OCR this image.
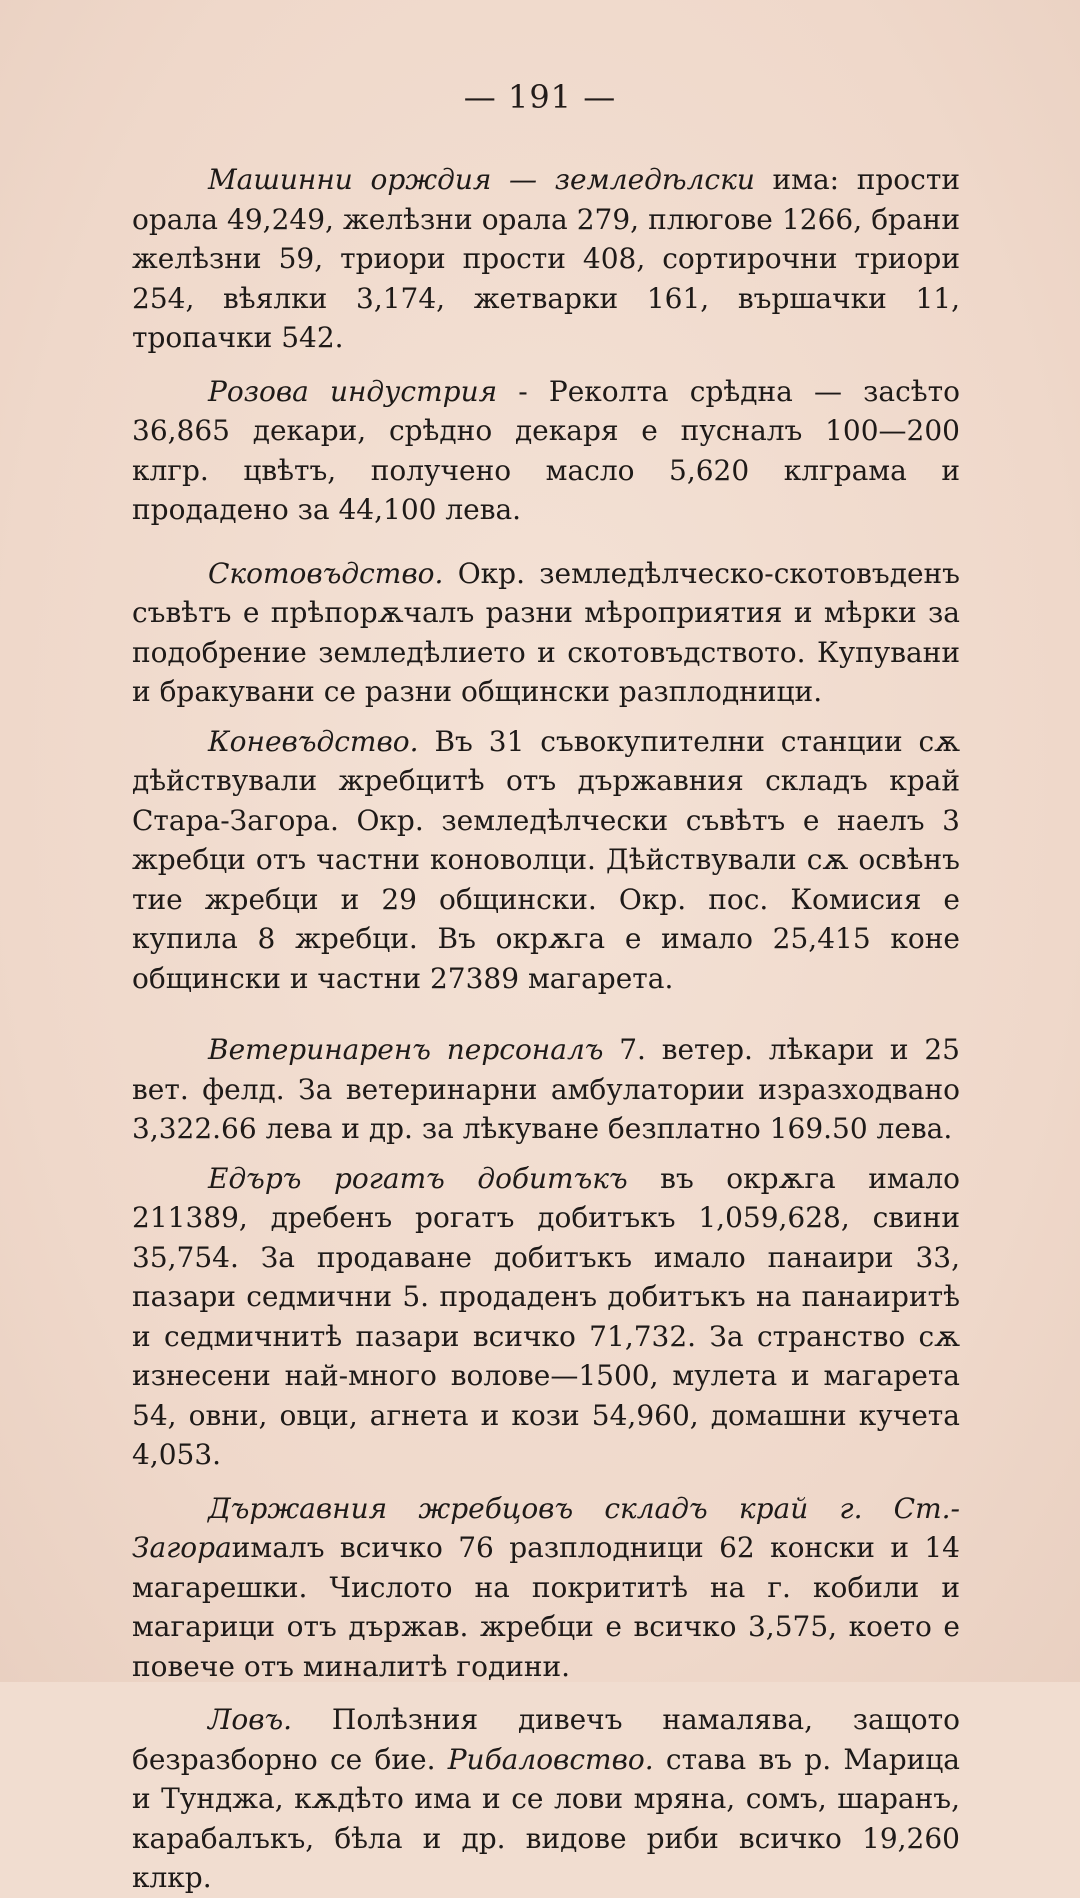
— 191 —

Машинни орждия — земледѣлски има: прости орала 49,249, желѣзни орала 279, плюгове 1266, брани желѣзни 59, триори прости 408, сортирочни триори 254, вѣялки 3,174, жетварки 161, вършачки 11, тропачки 542.

Розова индустрия - Реколта срѣдна — засѣто 36,865 декари, срѣдно декаря е пусналъ 100—200 клгр. цвѣтъ, получено масло 5,620 клграма и продадено за 44,100 лева.

Скотовъдство. Окр. земледѣлческо-скотовъденъ съвѣтъ е прѣпорѫчалъ разни мѣроприятия и мѣрки за подобрение земледѣлието и скотовъдството. Купувани и бракувани се разни общински разплодници.

Коневъдство. Въ 31 съвокупителни станции сѫ дѣйствували жребцитѣ отъ държавния складъ край Стара-Загора. Окр. земледѣлчески съвѣтъ е наелъ 3 жребци отъ частни коноволци. Дѣйствували сѫ освѣнъ тие жребци и 29 общински. Окр. пос. Комисия е купила 8 жребци. Въ окрѫга е имало 25,415 коне общински и частни 27389 магарета.

Ветеринаренъ персоналъ 7. ветер. лѣкари и 25 вет. фелд. За ветеринарни амбулатории изразходвано 3,322.66 лева и др. за лѣкуване безплатно 169.50 лева.

Едъръ рогатъ добитъкъ въ окрѫга имало 211389, дребенъ рогатъ добитъкъ 1,059,628, свини 35,754. За продаване добитъкъ имало панаири 33, пазари седмични 5. продаденъ добитъкъ на панаиритѣ и седмичнитѣ пазари всичко 71,732. За странство сѫ изнесени най-много волове—1500, мулета и магарета 54, овни, овци, агнета и кози 54,960, домашни кучета 4,053.

Държавния жребцовъ складъ край г. Ст.-Загораималъ всичко 76 разплодници 62 конски и 14 магарешки. Числото на покрититѣ на г. кобили и магарици отъ държав. жребци е всичко 3,575, което е повече отъ миналитѣ години.

Ловъ. Полѣзния дивечъ намалява, защото безразборно се бие. Рибаловство. става въ р. Марица и Тунджа, кѫдѣто има и се лови мряна, сомъ, шаранъ, карабалъкъ, бѣла и др. видове риби всичко 19,260 клкр.
